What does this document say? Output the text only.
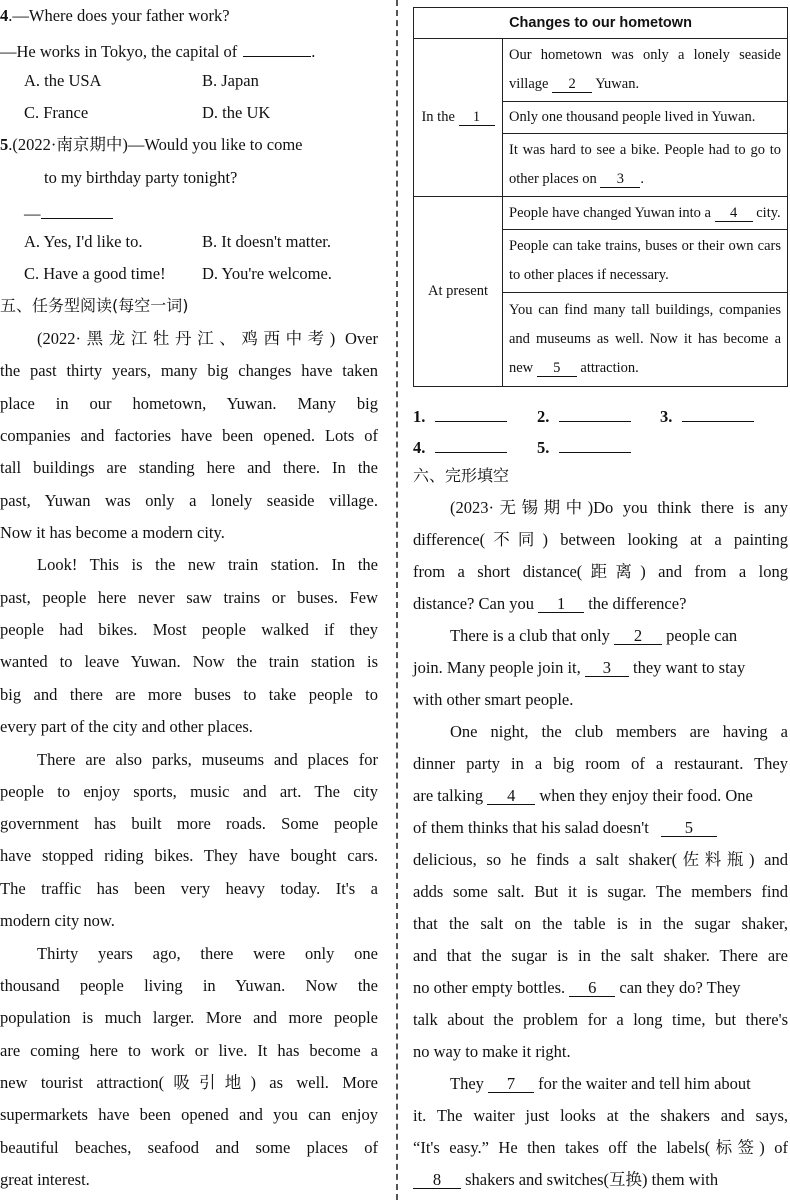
4.—Where does your father work?
—He works in Tokyo, the capital of	.
A. the USA	B. Japan
C. France	D. the UK
5.(2022·南京期中)—Would you like to come
to my birthday party tonight?
—
A. Yes, I'd like to.	B. It doesn't matter.
C. Have a good time! D. You're welcome.
五、任务型阅读(每空一词)
(2022·黑龙江牡丹江、鸡西中考) Over
the past thirty years, many big changes have taken
place in our hometown, Yuwan. Many big
companies and factories have been opened. Lots of
tall buildings are standing here and there. In the
past, Yuwan was only a lonely seaside village.
Now it has become a modern city.
Look! This is the new train station. In the
past, people here never saw trains or buses. Few
people had bikes. Most people walked if they
wanted to leave Yuwan. Now the train station is
big and there are more buses to take people to
every part of the city and other places.
There are also parks, museums and places for
people to enjoy sports, music and art. The city
government has built more roads. Some people
have stopped riding bikes. They have bought cars.
The traffic has been very heavy today. It's a
modern city now.
Thirty years ago, there were only one
thousand people living in Yuwan. Now the
population is much larger. More and more people
are coming here to work or live. It has become a
new tourist attraction(吸引地) as well. More
supermarkets have been opened and you can enjoy
beautiful beaches, seafood and some places of
great interest.
Changes to our hometown	
In the 1	Our hometown was only a lonely seaside village 2 Yuwan.
	Only one thousand people lived in Yuwan.
	It was hard to see a bike. People had to go to other places on 3 .
At present	People have changed Yuwan into a 4 city.
	People can take trains, buses or their own cars to other places if necessary.
	You can find many tall buildings, companies and museums as well. Now it has become a new 5 attraction.
1.	2.	3.
4.	5.
六、完形填空
(2023·无锡期中)Do you think there is any
difference(不同) between looking at a painting
from a short distance(距离) and from a long
distance? Can you 1 the difference?
There is a club that only 2 people can
join. Many people join it, 3 they want to stay
with other smart people.
One night, the club members are having a
dinner party in a big room of a restaurant. They
are talking 4 when they enjoy their food. One
of them thinks that his salad doesn't 5
delicious, so he finds a salt shaker(佐料瓶) and
adds some salt. But it is sugar. The members find
that the salt on the table is in the sugar shaker,
and that the sugar is in the salt shaker. There are
no other empty bottles. 6 can they do? They
talk about the problem for a long time, but there's
no way to make it right.
They 7 for the waiter and tell him about
it. The waiter just looks at the shakers and says,
“It's easy.” He then takes off the labels(标签) of
8 shakers and switches(互换) them with
